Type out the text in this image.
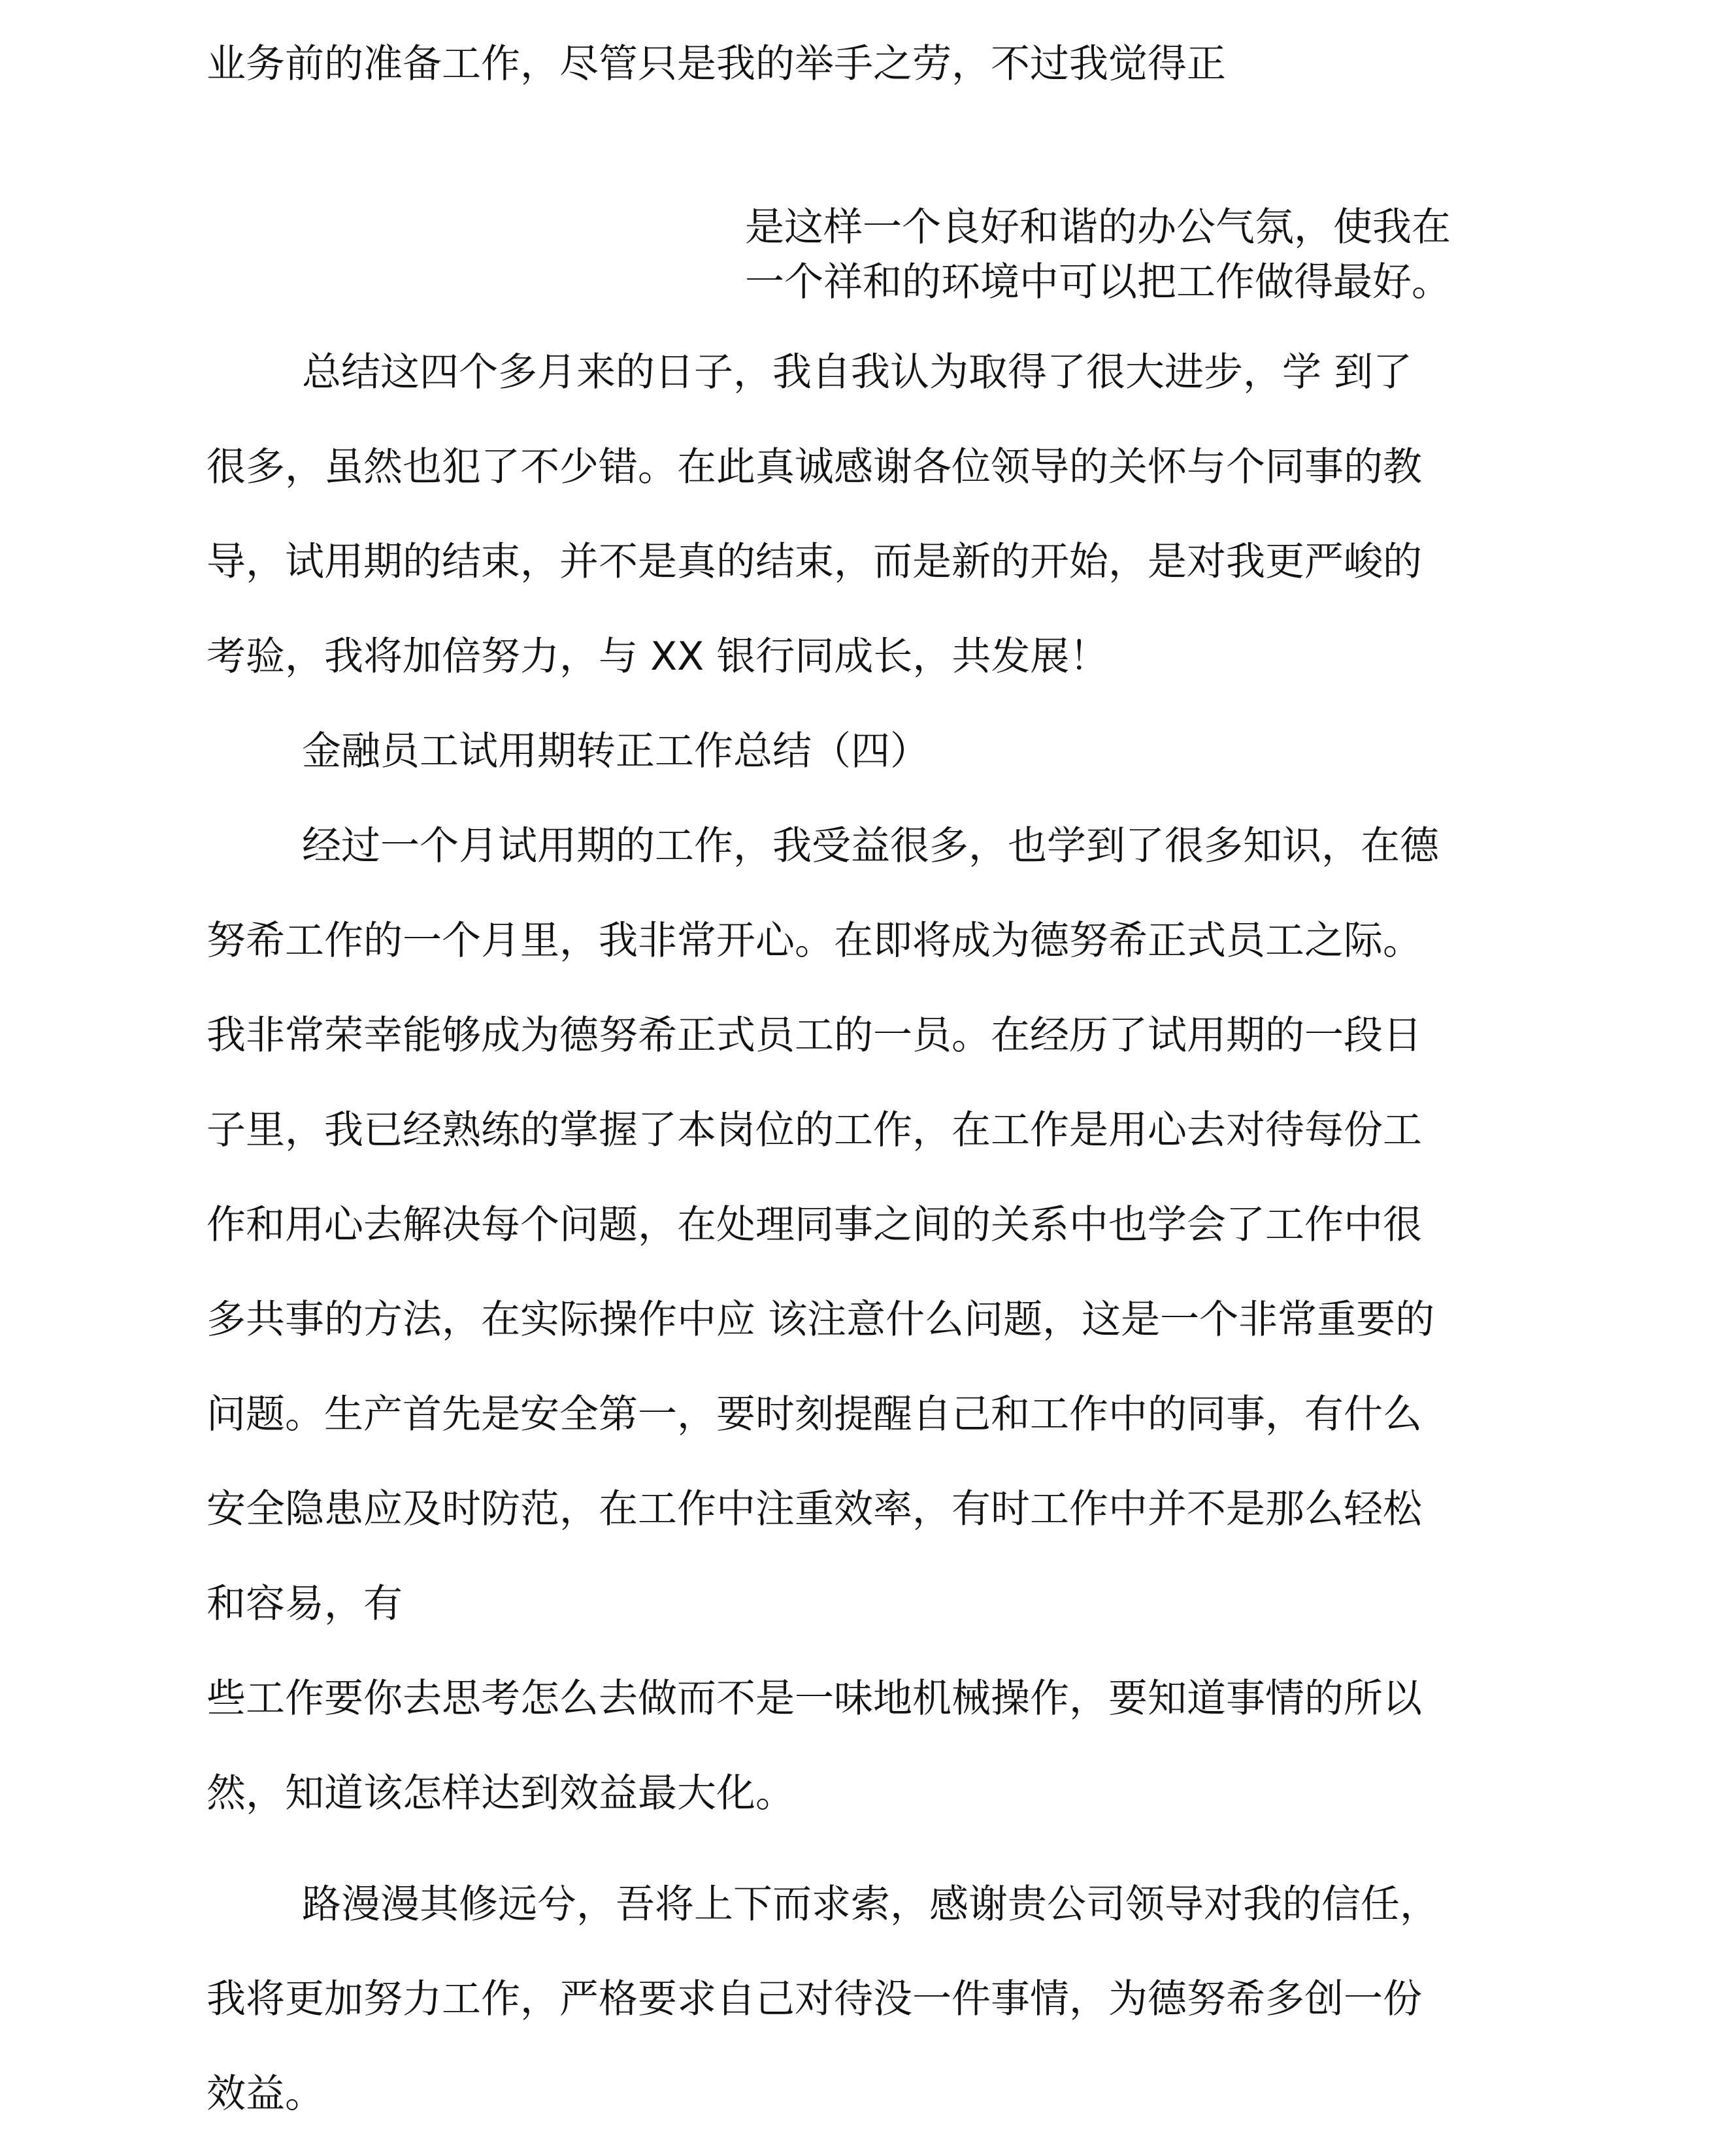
业务前的准备工作，尽管只是我的举手之劳，不过我觉得正
是这样一个良好和谐的办公气氛，使我在
一个祥和的环境中可以把工作做得最好。
总结这四个多月来的日子，我自我认为取得了很大进步，学 到了
很多，虽然也犯了不少错。在此真诚感谢各位领导的关怀与个同事的教
导，试用期的结束，并不是真的结束，而是新的开始，是对我更严峻的
考验，我将加倍努力，与 XX 银行同成长，共发展！
金融员工试用期转正工作总结（四）
经过一个月试用期的工作，我受益很多，也学到了很多知识，在德
努希工作的一个月里，我非常开心。在即将成为德努希正式员工之际。
我非常荣幸能够成为德努希正式员工的一员。在经历了试用期的一段日
子里，我已经熟练的掌握了本岗位的工作，在工作是用心去对待每份工
作和用心去解决每个问题，在处理同事之间的关系中也学会了工作中很
多共事的方法，在实际操作中应 该注意什么问题，这是一个非常重要的
问题。生产首先是安全第一，要时刻提醒自己和工作中的同事，有什么
安全隐患应及时防范，在工作中注重效率，有时工作中并不是那么轻松
和容易，有
些工作要你去思考怎么去做而不是一味地机械操作，要知道事情的所以
然，知道该怎样达到效益最大化。
路漫漫其修远兮，吾将上下而求索，感谢贵公司领导对我的信任，
我将更加努力工作，严格要求自己对待没一件事情，为德努希多创一份
效益。
